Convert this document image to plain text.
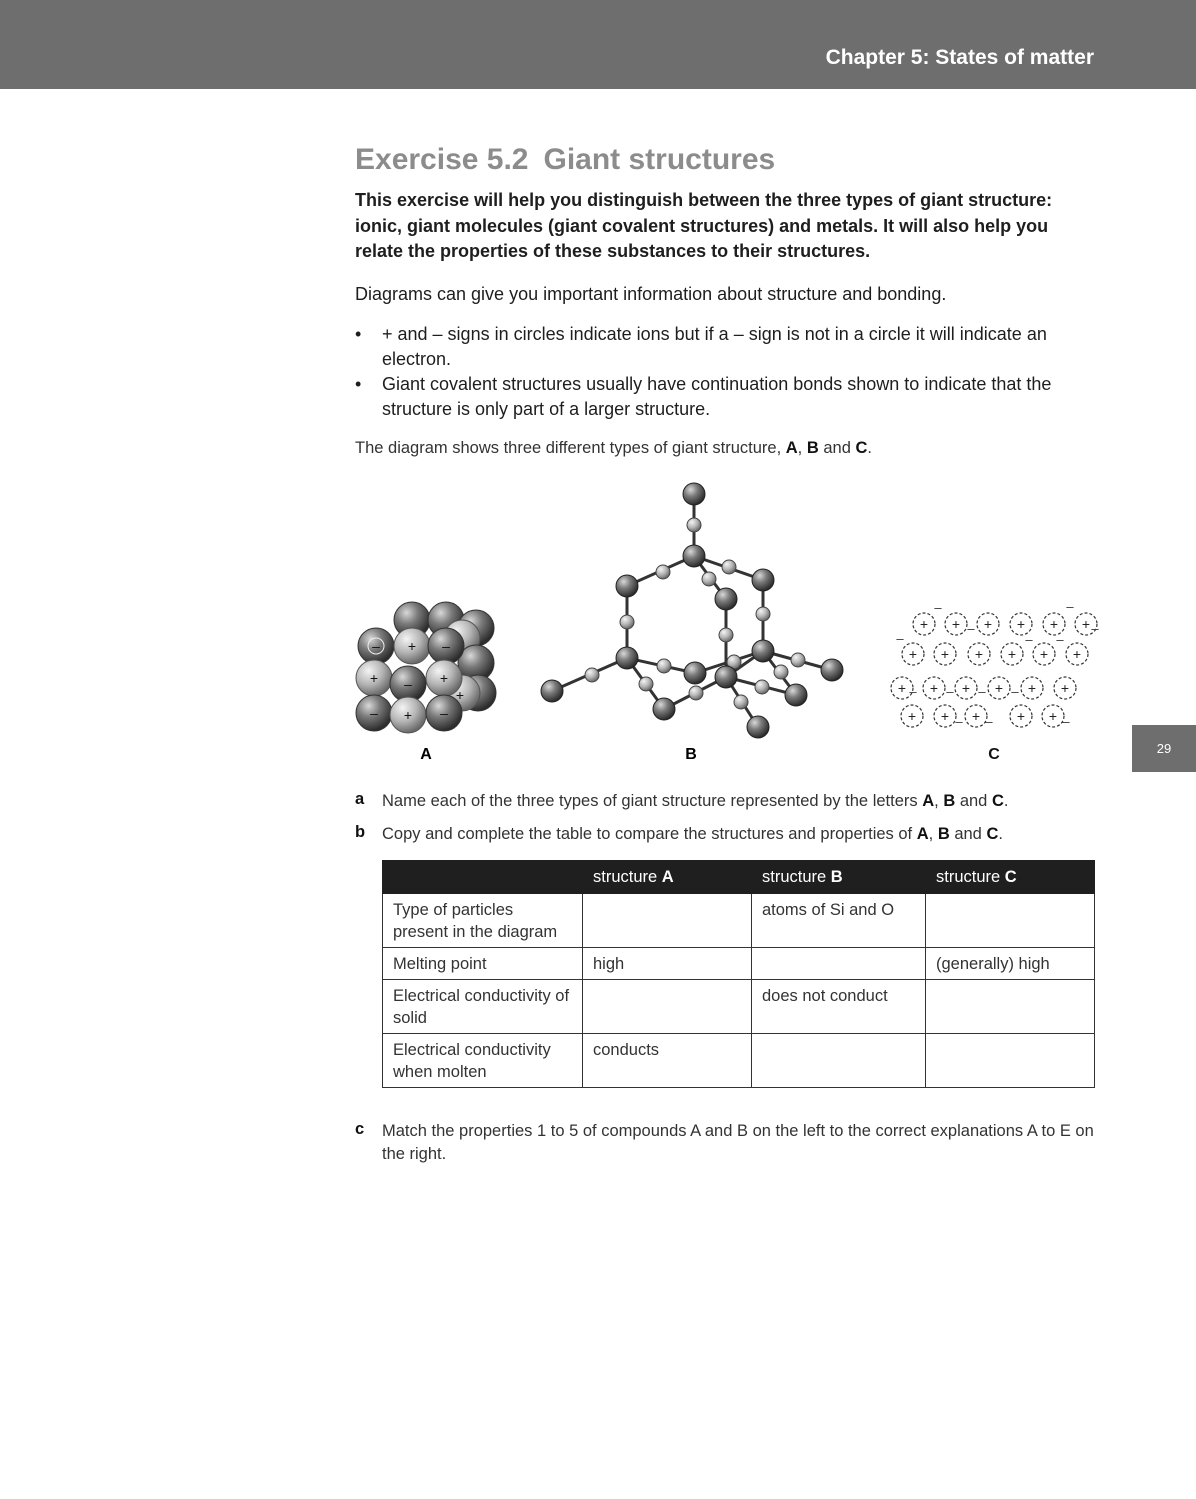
Chapter 5: States of matter
29
Exercise 5.2 Giant structures

This exercise will help you distinguish between the three types of giant structure: ionic, giant molecules (giant covalent structures) and metals. It will also help you relate the properties of these substances to their structures.

Diagrams can give you important information about structure and bonding.

• + and – signs in circles indicate ions but if a – sign is not in a circle it will indicate an electron.
• Giant covalent structures usually have continuation bonds shown to indicate that the structure is only part of a larger structure.

The diagram shows three different types of giant structure, A, B and C.

– + –
+ – +
– + –
+
A	B
+ + + + + +
+ + + + + +
+ + + + + +
+ + +	+ +
–
–
–
–
–	– –
– – – –
– –	–
C
a	Name each of the three types of giant structure represented by the letters A, B and C.
b	Copy and complete the table to compare the structures and properties of A, B and C.
	structure A	structure B	structure C
Type of particles present in the diagram		atoms of Si and O	
Melting point	high		(generally) high
Electrical conductivity of solid		does not conduct	
Electrical conductivity when molten	conducts		
c	Match the properties 1 to 5 of compounds A and B on the left to the correct explanations A to E on the right.
